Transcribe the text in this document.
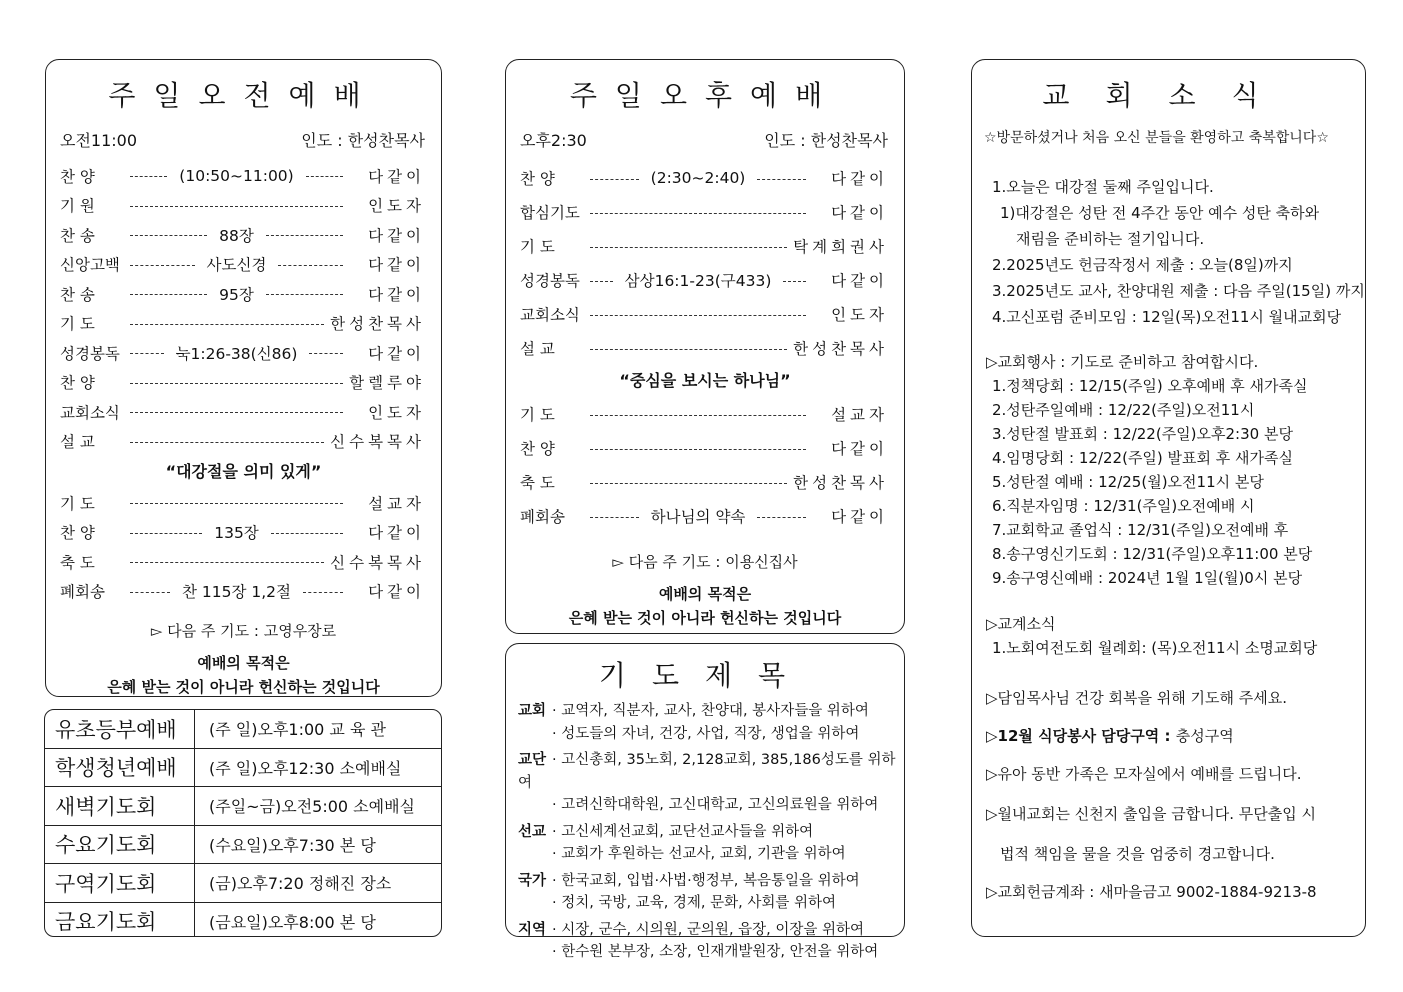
주일오전예배
오전11:00	인도 : 한성찬목사
찬 양	(10:50~11:00)	다같이
기 원	인도자
찬 송	88장	다같이
신앙고백	사도신경	다같이
찬 송	95장	다같이
기 도	한성찬목사
성경봉독	눅1:26-38(신86)	다같이
찬 양	할렐루야
교회소식	인도자
설 교	신수복목사
“대강절을 의미 있게”
기 도	설교자
찬 양	135장	다같이
축 도	신수복목사
폐회송	찬 115장 1,2절	다같이
▻ 다음 주 기도 : 고영우장로
예배의 목적은
은혜 받는 것이 아니라 헌신하는 것입니다
유초등부예배	(주 일)오후1:00 교 육 관
학생청년예배	(주 일)오후12:30 소예배실
새벽기도회	(주일~금)오전5:00 소예배실
수요기도회	(수요일)오후7:30 본 당
구역기도회	(금)오후7:20 정해진 장소
금요기도회	(금요일)오후8:00 본 당
주일오후예배
오후2:30	인도 : 한성찬목사
찬 양	(2:30~2:40)	다같이
합심기도	다같이
기 도	탁계희권사
성경봉독	삼상16:1-23(구433)	다같이
교회소식	인도자
설 교	한성찬목사
“중심을 보시는 하나님”
기 도	설교자
찬 양	다같이
축 도	한성찬목사
폐회송	하나님의 약속	다같이
▻ 다음 주 기도 : 이용신집사
예배의 목적은
은혜 받는 것이 아니라 헌신하는 것입니다
기도제목
교회 · 교역자, 직분자, 교사, 찬양대, 봉사자들을 위하여
· 성도들의 자녀, 건강, 사업, 직장, 생업을 위하여
교단 · 고신총회, 35노회, 2,128교회, 385,186성도를 위하여
· 고려신학대학원, 고신대학교, 고신의료원을 위하여
선교 · 고신세계선교회, 교단선교사들을 위하여
· 교회가 후원하는 선교사, 교회, 기관을 위하여
국가 · 한국교회, 입법·사법·행정부, 복음통일을 위하여
· 정치, 국방, 교육, 경제, 문화, 사회를 위하여
지역 · 시장, 군수, 시의원, 군의원, 읍장, 이장을 위하여
· 한수원 본부장, 소장, 인재개발원장, 안전을 위하여
교회소식
☆방문하셨거나 처음 오신 분들을 환영하고 축복합니다☆
1.오늘은 대강절 둘째 주일입니다.
1)대강절은 성탄 전 4주간 동안 예수 성탄 축하와
재림을 준비하는 절기입니다.
2.2025년도 헌금작정서 제출 : 오늘(8일)까지
3.2025년도 교사, 찬양대원 제출 : 다음 주일(15일) 까지
4.고신포럼 준비모임 : 12일(목)오전11시 월내교회당
▷교회행사 : 기도로 준비하고 참여합시다.
1.정책당회 : 12/15(주일) 오후예배 후 새가족실
2.성탄주일예배 : 12/22(주일)오전11시
3.성탄절 발표회 : 12/22(주일)오후2:30 본당
4.임명당회 : 12/22(주일) 발표회 후 새가족실
5.성탄절 예배 : 12/25(월)오전11시 본당
6.직분자임명 : 12/31(주일)오전예배 시
7.교회학교 졸업식 : 12/31(주일)오전예배 후
8.송구영신기도회 : 12/31(주일)오후11:00 본당
9.송구영신예배 : 2024년 1월 1일(월)0시 본당
▷교계소식
1.노회여전도회 월례회: (목)오전11시 소명교회당
▷담임목사님 건강 회복을 위해 기도해 주세요.
▷12월 식당봉사 담당구역 : 충성구역
▷유아 동반 가족은 모자실에서 예배를 드립니다.
▷월내교회는 신천지 출입을 금합니다. 무단출입 시
법적 책임을 물을 것을 엄중히 경고합니다.
▷교회헌금계좌 : 새마을금고 9002-1884-9213-8
